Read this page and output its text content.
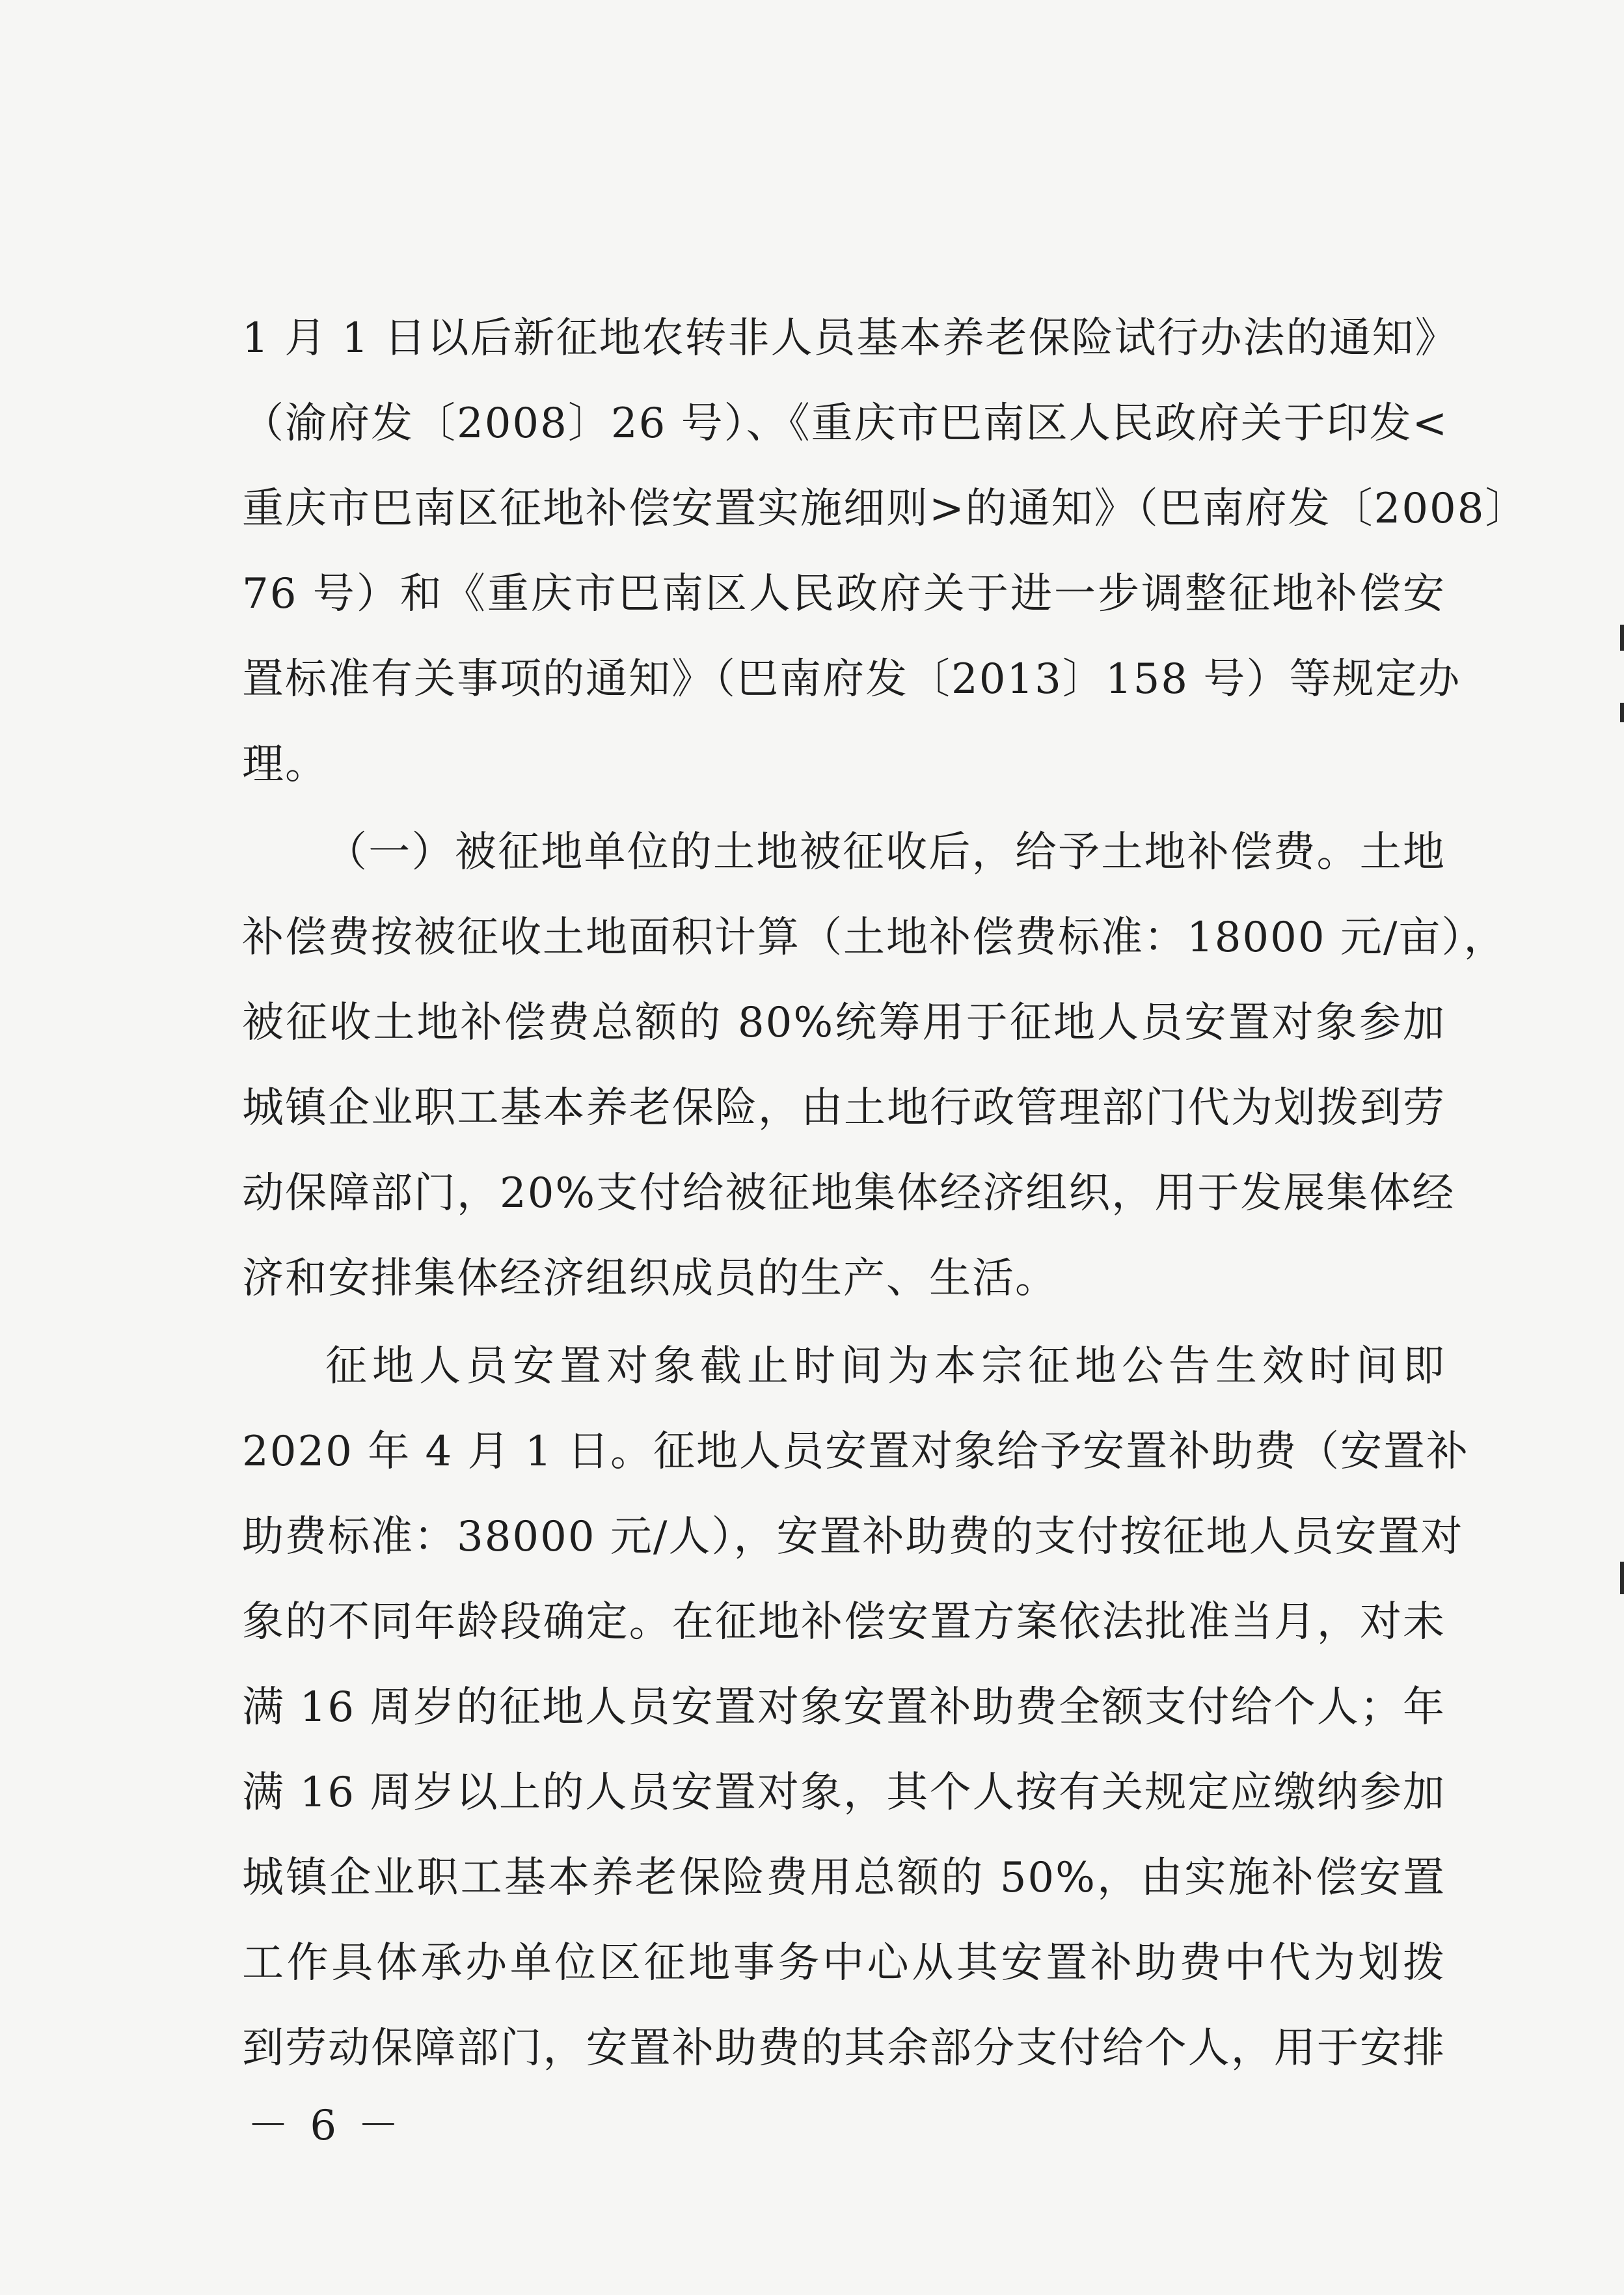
1 月 1 日以后新征地农转非人员基本养老保险试行办法的通知》
（渝府发〔2008〕26 号）、《重庆市巴南区人民政府关于印发<
重庆市巴南区征地补偿安置实施细则>的通知》（巴南府发〔2008〕
76 号）和《重庆市巴南区人民政府关于进一步调整征地补偿安
置标准有关事项的通知》（巴南府发〔2013〕158 号）等规定办
理。
（一）被征地单位的土地被征收后，给予土地补偿费。土地
补偿费按被征收土地面积计算（土地补偿费标准：18000 元/亩），
被征收土地补偿费总额的 80%统筹用于征地人员安置对象参加
城镇企业职工基本养老保险，由土地行政管理部门代为划拨到劳
动保障部门，20%支付给被征地集体经济组织，用于发展集体经
济和安排集体经济组织成员的生产、生活。
征地人员安置对象截止时间为本宗征地公告生效时间即
2020 年 4 月 1 日。征地人员安置对象给予安置补助费（安置补
助费标准：38000 元/人），安置补助费的支付按征地人员安置对
象的不同年龄段确定。在征地补偿安置方案依法批准当月，对未
满 16 周岁的征地人员安置对象安置补助费全额支付给个人；年
满 16 周岁以上的人员安置对象，其个人按有关规定应缴纳参加
城镇企业职工基本养老保险费用总额的 50%，由实施补偿安置
工作具体承办单位区征地事务中心从其安置补助费中代为划拨
到劳动保障部门，安置补助费的其余部分支付给个人，用于安排
－ 6 －
